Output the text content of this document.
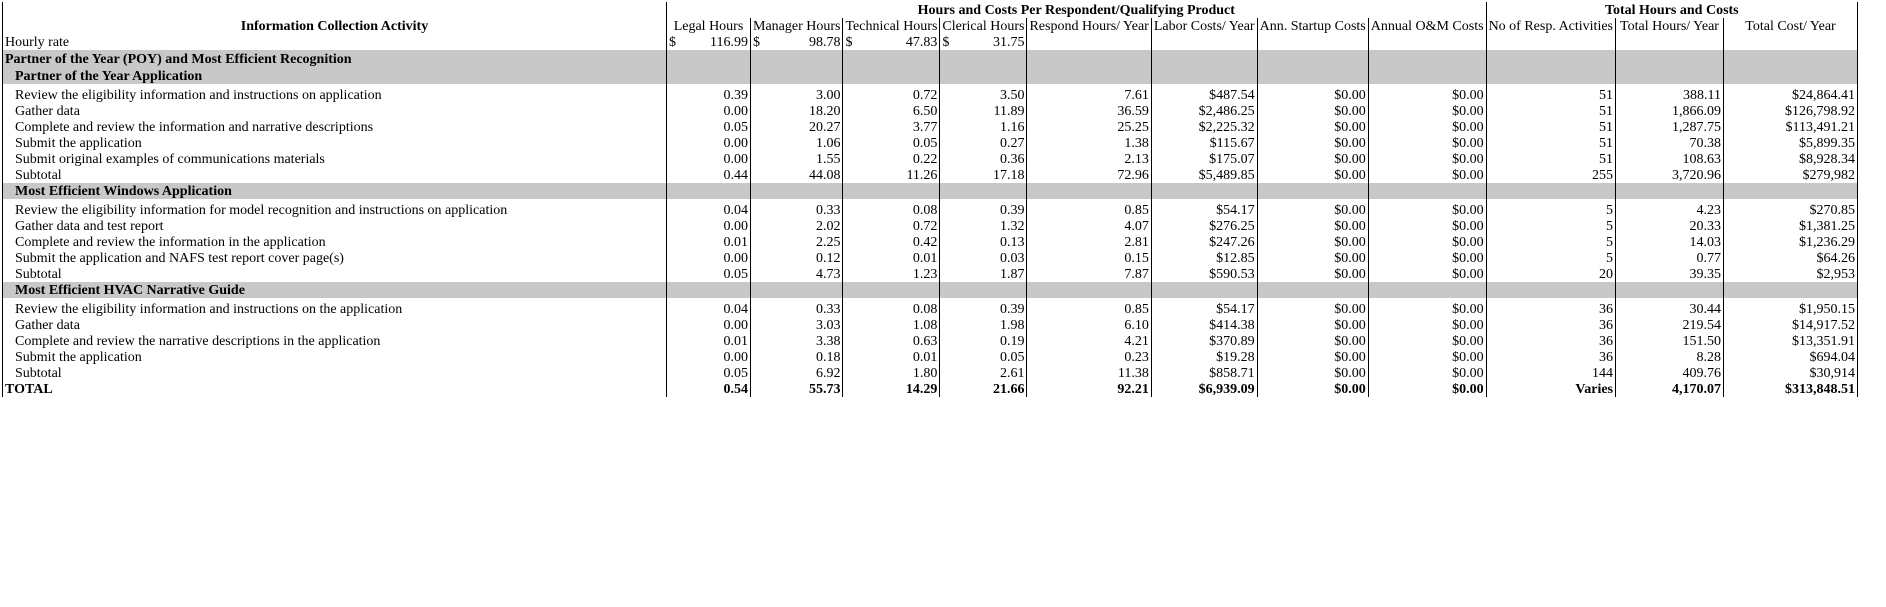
	Hours and Costs Per Respondent/Qualifying Product								Total Hours and Costs		
Information Collection Activity	Legal Hours	Manager Hours	Technical Hours	Clerical Hours	Respond Hours/ Year	Labor Costs/ Year	Ann. Startup Costs	Annual O&M Costs	No of Resp. Activities	Total Hours/ Year	Total Cost/ Year
Hourly rate	$ 116.99	$ 98.78	$ 47.83	$ 31.75							

Partner of the Year (POY) and Most Efficient Recognition											
Partner of the Year Application											

Review the eligibility information and instructions on application	0.39	3.00	0.72	3.50	7.61	$487.54	$0.00	$0.00	51	388.11	$24,864.41
Gather data	0.00	18.20	6.50	11.89	36.59	$2,486.25	$0.00	$0.00	51	1,866.09	$126,798.92
Complete and review the information and narrative descriptions	0.05	20.27	3.77	1.16	25.25	$2,225.32	$0.00	$0.00	51	1,287.75	$113,491.21
Submit the application	0.00	1.06	0.05	0.27	1.38	$115.67	$0.00	$0.00	51	70.38	$5,899.35
Submit original examples of communications materials	0.00	1.55	0.22	0.36	2.13	$175.07	$0.00	$0.00	51	108.63	$8,928.34
Subtotal	0.44	44.08	11.26	17.18	72.96	$5,489.85	$0.00	$0.00	255	3,720.96	$279,982
Most Efficient Windows Application											

Review the eligibility information for model recognition and instructions on application	0.04	0.33	0.08	0.39	0.85	$54.17	$0.00	$0.00	5	4.23	$270.85
Gather data and test report	0.00	2.02	0.72	1.32	4.07	$276.25	$0.00	$0.00	5	20.33	$1,381.25
Complete and review the information in the application	0.01	2.25	0.42	0.13	2.81	$247.26	$0.00	$0.00	5	14.03	$1,236.29
Submit the application and NAFS test report cover page(s)	0.00	0.12	0.01	0.03	0.15	$12.85	$0.00	$0.00	5	0.77	$64.26
Subtotal	0.05	4.73	1.23	1.87	7.87	$590.53	$0.00	$0.00	20	39.35	$2,953
Most Efficient HVAC Narrative Guide											

Review the eligibility information and instructions on the application	0.04	0.33	0.08	0.39	0.85	$54.17	$0.00	$0.00	36	30.44	$1,950.15
Gather data	0.00	3.03	1.08	1.98	6.10	$414.38	$0.00	$0.00	36	219.54	$14,917.52
Complete and review the narrative descriptions in the application	0.01	3.38	0.63	0.19	4.21	$370.89	$0.00	$0.00	36	151.50	$13,351.91
Submit the application	0.00	0.18	0.01	0.05	0.23	$19.28	$0.00	$0.00	36	8.28	$694.04
Subtotal	0.05	6.92	1.80	2.61	11.38	$858.71	$0.00	$0.00	144	409.76	$30,914
TOTAL	0.54	55.73	14.29	21.66	92.21	$6,939.09	$0.00	$0.00	Varies	4,170.07	$313,848.51
